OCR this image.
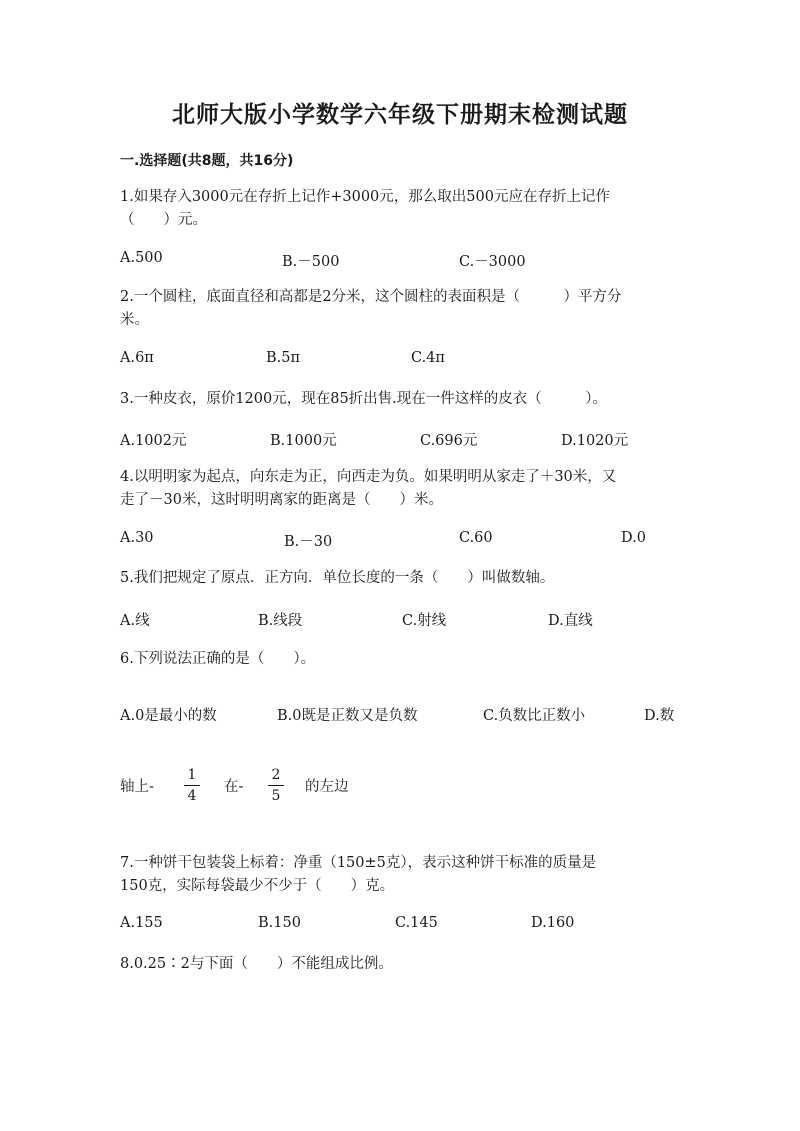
北师大版小学数学六年级下册期末检测试题
一.选择题(共8题，共16分)
1.如果存入3000元在存折上记作+3000元，那么取出500元应在存折上记作
（　　）元。
A.500	B.－500	C.－3000
2.一个圆柱，底面直径和高都是2分米，这个圆柱的表面积是（　　　）平方分
米。
A.6π	B.5π	C.4π
3.一种皮衣，原价1200元，现在85折出售.现在一件这样的皮衣（　　　）。
A.1002元	B.1000元	C.696元	D.1020元
4.以明明家为起点，向东走为正，向西走为负。如果明明从家走了＋30米，又
走了－30米，这时明明离家的距离是（　　）米。
A.30	B.－30	C.60	D.0
5.我们把规定了原点．正方向．单位长度的一条（　　）叫做数轴。
A.线	B.线段	C.射线	D.直线
6.下列说法正确的是（　　）。
A.0是最小的数	B.0既是正数又是负数	C.负数比正数小	D.数
轴上-
1
4
在-
2
5
的左边
7.一种饼干包装袋上标着：净重（150±5克），表示这种饼干标准的质量是
150克，实际每袋最少不少于（　　）克。
A.155	B.150	C.145	D.160
8.0.25∶2与下面（　　）不能组成比例。
